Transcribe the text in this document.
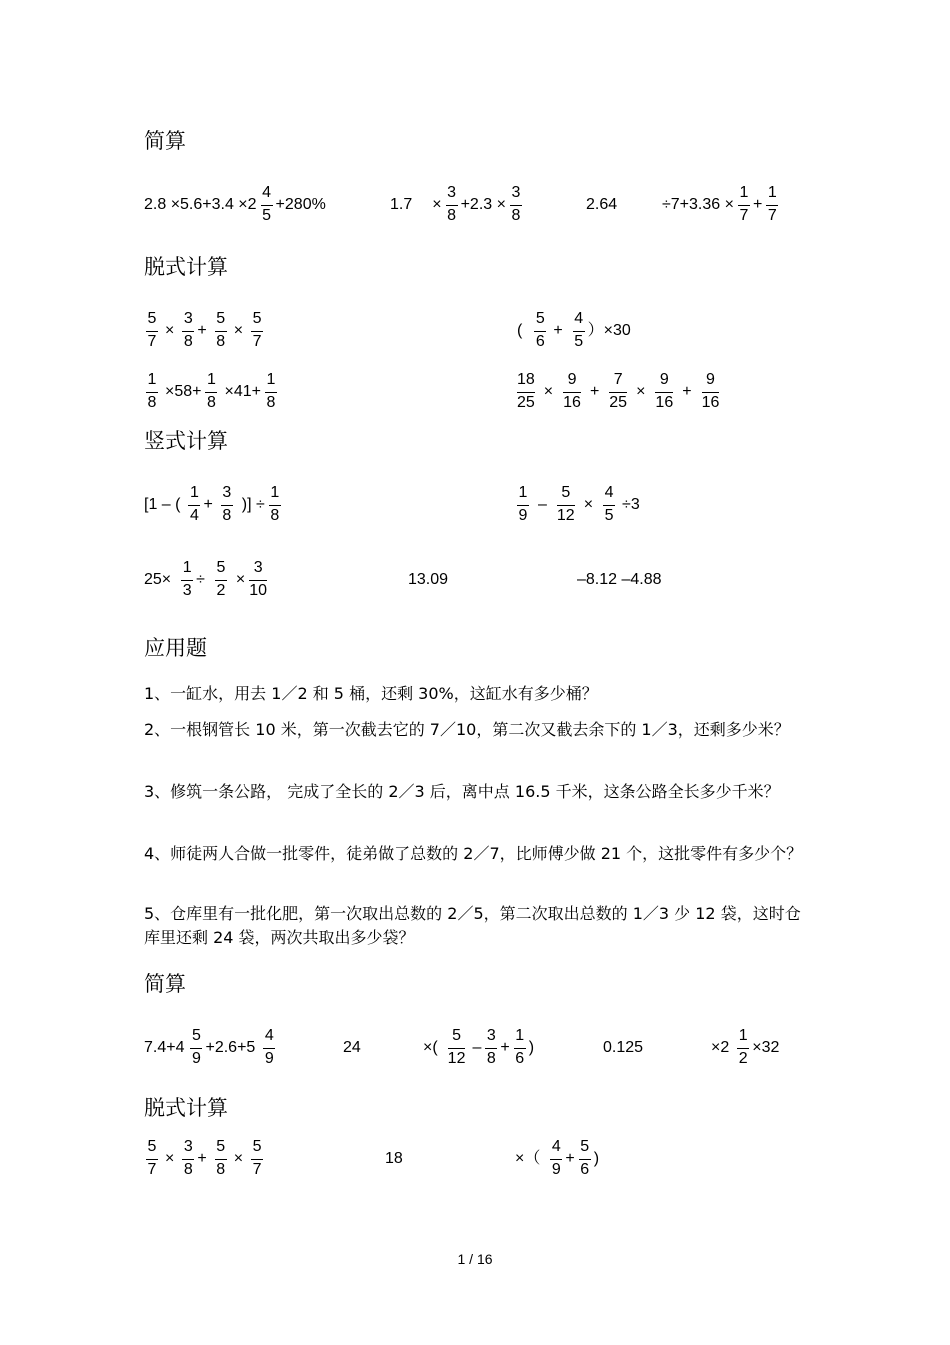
简算
脱式计算
竖式计算
应用题
简算
脱式计算
2.8 ×5.6+3.4 ×2
4
5
+280%	1.7 ×
3
8
+2.3 ×
3
8
2.64	÷7+3.36 ×
1
7
+
1
7
5
7
×
3
8
+
5
8
×
5
7
(
5
6
+
4
5
）×30
1
8
×58+
1
8
×41+
1
8
18
25
×
9
16
+
7
25
×
9
16
+
9
16
[1 – (
1
4
+
3
8
)] ÷
1
8
1
9
–
5
12
×
4
5
÷3
25×
1
3
÷
5
2
×
3
10
13.09	–8.12 –4.88
7.4+4
5
9
+2.6+5
4
9
24	×(
5
12
–
3
8
+
1
6
)	0.125	×2
1
2
×32
5
7
×
3
8
+
5
8
×
5
7
18	×（
4
9
+
5
6
)
1、一缸水，用去 1／2 和 5 桶，还剩 30%，这缸水有多少桶？
2、一根钢管长 10 米，第一次截去它的 7／10，第二次又截去余下的 1／3，还剩多少米？
3、修筑一条公路， 完成了全长的 2／3 后，离中点 16.5 千米，这条公路全长多少千米？
4、师徒两人合做一批零件，徒弟做了总数的 2／7，比师傅少做 21 个，这批零件有多少个？
5、仓库里有一批化肥，第一次取出总数的 2／5，第二次取出总数的 1／3 少 12 袋，这时仓库里还剩 24 袋，两次共取出多少袋？
1 / 16
